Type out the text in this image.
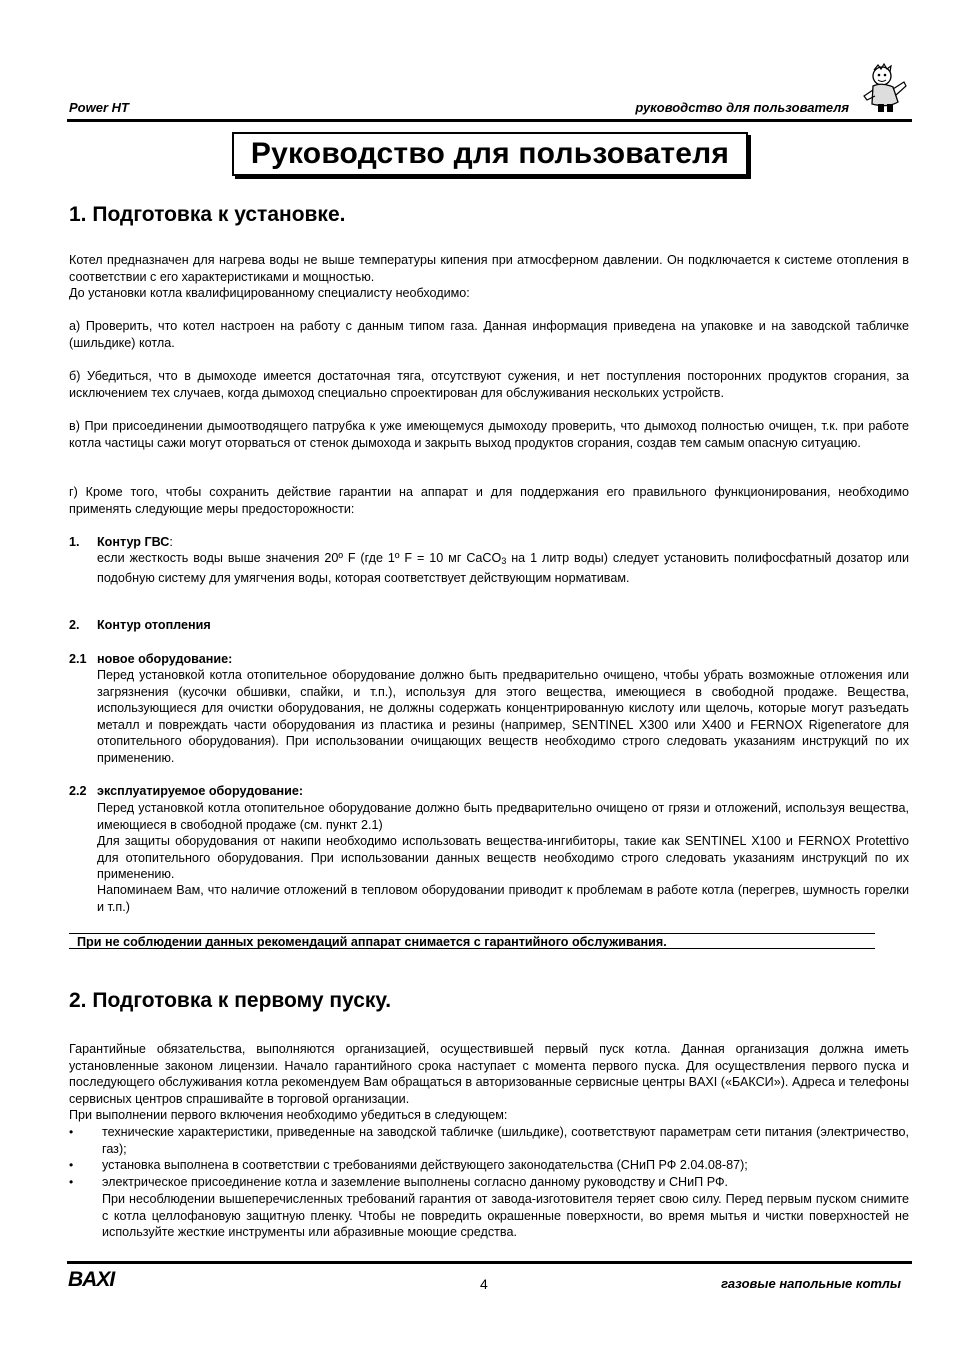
Power HT	руководство для пользователя
Руководство для пользователя
1. Подготовка к установке.
Котел предназначен для нагрева воды не выше температуры кипения при атмосферном давлении. Он подключается к системе отопления в соответствии с его характеристиками и мощностью.
До установки котла квалифицированному специалисту необходимо:
а) Проверить, что котел настроен на работу с данным типом газа. Данная информация приведена на упаковке и на заводской табличке (шильдике) котла.
б) Убедиться, что в дымоходе имеется достаточная тяга, отсутствуют сужения, и нет поступления посторонних продуктов сгорания, за исключением тех случаев, когда дымоход специально спроектирован для обслуживания нескольких устройств.
в) При присоединении дымоотводящего патрубка к уже имеющемуся дымоходу проверить, что дымоход полностью очищен, т.к. при работе котла частицы сажи могут оторваться от стенок дымохода и закрыть выход продуктов сгорания, создав тем самым опасную ситуацию.
г) Кроме того, чтобы сохранить действие гарантии на аппарат и для поддержания его правильного функционирования, необходимо применять следующие меры предосторожности:
1. Контур ГВС:
если жесткость воды выше значения 20º F (где 1º F = 10 мг CaCO$_3$ на 1 литр воды) следует установить полифосфатный дозатор или подобную систему для умягчения воды, которая соответствует действующим нормативам.
2. Контур отопления
2.1 новое оборудование:
Перед установкой котла отопительное оборудование должно быть предварительно очищено, чтобы убрать возможные отложения или загрязнения (кусочки обшивки, спайки, и т.п.), используя для этого вещества, имеющиеся в свободной продаже. Вещества, использующиеся для очистки оборудования, не должны содержать концентрированную кислоту или щелочь, которые могут разъедать металл и повреждать части оборудования из пластика и резины (например, SENTINEL X300 или X400 и FERNOX Rigeneratore для отопительного оборудования). При использовании очищающих веществ необходимо строго следовать указаниям инструкций по их применению.
2.2 эксплуатируемое оборудование:
Перед установкой котла отопительное оборудование должно быть предварительно очищено от грязи и отложений, используя вещества, имеющиеся в свободной продаже (см. пункт 2.1)
Для защиты оборудования от накипи необходимо использовать вещества-ингибиторы, такие как SENTINEL X100 и FERNOX Protettivo для отопительного оборудования. При использовании данных веществ необходимо строго следовать указаниям инструкций по их применению.
Напоминаем Вам, что наличие отложений в тепловом оборудовании приводит к проблемам в работе котла (перегрев, шумность горелки и т.п.)
При не соблюдении данных рекомендаций аппарат снимается с гарантийного обслуживания.
2. Подготовка к первому пуску.
Гарантийные обязательства, выполняются организацией, осуществившей первый пуск котла. Данная организация должна иметь установленные законом лицензии. Начало гарантийного срока наступает с момента первого пуска. Для осуществления первого пуска и последующего обслуживания котла рекомендуем Вам обращаться в авторизованные сервисные центры BAXI («БАКСИ»). Адреса и телефоны сервисных центров спрашивайте в торговой организации.
При выполнении первого включения необходимо убедиться в следующем:
• технические характеристики, приведенные на заводской табличке (шильдике), соответствуют параметрам сети питания (электричество, газ);
• установка выполнена в соответствии с требованиями действующего законодательства (СНиП РФ 2.04.08-87);
• электрическое присоединение котла и заземление выполнены согласно данному руководству и СНиП РФ.
При несоблюдении вышеперечисленных требований гарантия от завода-изготовителя теряет свою силу. Перед первым пуском снимите с котла целлофановую защитную пленку. Чтобы не повредить окрашенные поверхности, во время мытья и чистки поверхностей не используйте жесткие инструменты или абразивные моющие средства.
BAXI	4	газовые напольные котлы
